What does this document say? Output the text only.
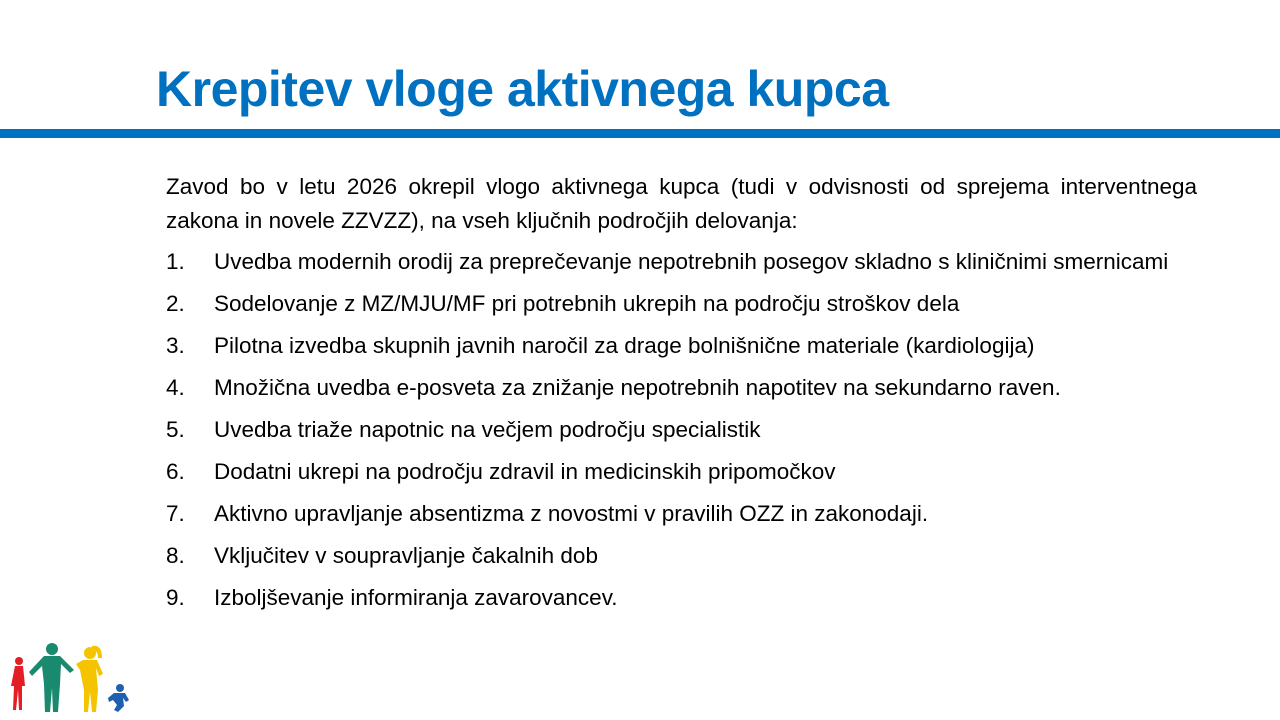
Krepitev vloge aktivnega kupca

Zavod bo v letu 2026 okrepil vlogo aktivnega kupca (tudi v odvisnosti od sprejema interventnega zakona in novele ZZVZZ), na vseh ključnih področjih delovanja:

1. Uvedba modernih orodij za preprečevanje nepotrebnih posegov skladno s kliničnimi smernicami
2. Sodelovanje z MZ/MJU/MF pri potrebnih ukrepih na področju stroškov dela
3. Pilotna izvedba skupnih javnih naročil za drage bolnišnične materiale (kardiologija)
4. Množična uvedba e-posveta za znižanje nepotrebnih napotitev na sekundarno raven.
5. Uvedba triaže napotnic na večjem področju specialistik
6. Dodatni ukrepi na področju zdravil in medicinskih pripomočkov
7. Aktivno upravljanje absentizma z novostmi v pravilih OZZ in zakonodaji.
8. Vključitev v soupravljanje čakalnih dob
9. Izboljševanje informiranja zavarovancev.
